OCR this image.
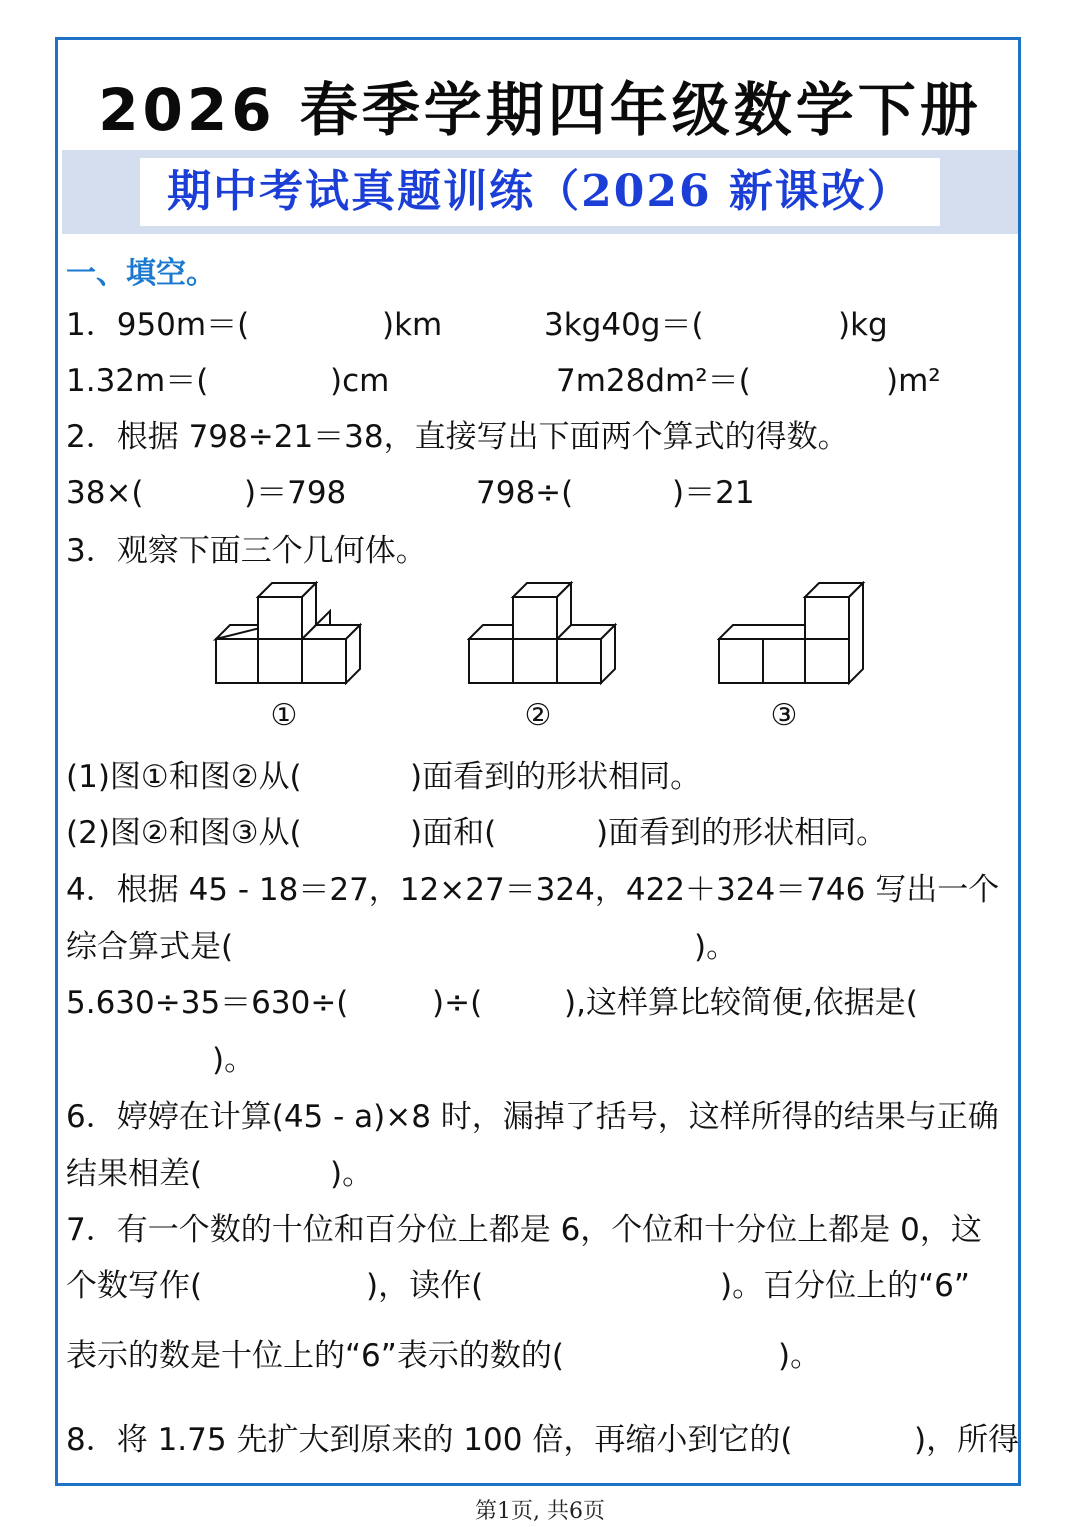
2026 春季学期四年级数学下册
期中考试真题训练（2026 新课改）
一、填空。
1．950m＝(	)km	3kg40g＝(	)kg
1.32m＝(	)cm	7m28dm²＝(	)m²
2．根据 798÷21＝38，直接写出下面两个算式的得数。
38×(	)＝798	798÷(	)＝21
3．观察下面三个几何体。
①	②	③
(1)图①和图②从(	)面看到的形状相同。
(2)图②和图③从(	)面和(	)面看到的形状相同。
4．根据 45 - 18＝27，12×27＝324，422＋324＝746 写出一个
综合算式是(	)。
5.630÷35＝630÷(	)÷(	),这样算比较简便,依据是(
)。
6．婷婷在计算(45 - a)×8 时，漏掉了括号，这样所得的结果与正确
结果相差(	)。
7．有一个数的十位和百分位上都是 6，个位和十分位上都是 0，这
个数写作(	)，读作(	)。百分位上的“6”
表示的数是十位上的“6”表示的数的(	)。
8．将 1.75 先扩大到原来的 100 倍，再缩小到它的(	)，所得
第1页, 共6页
